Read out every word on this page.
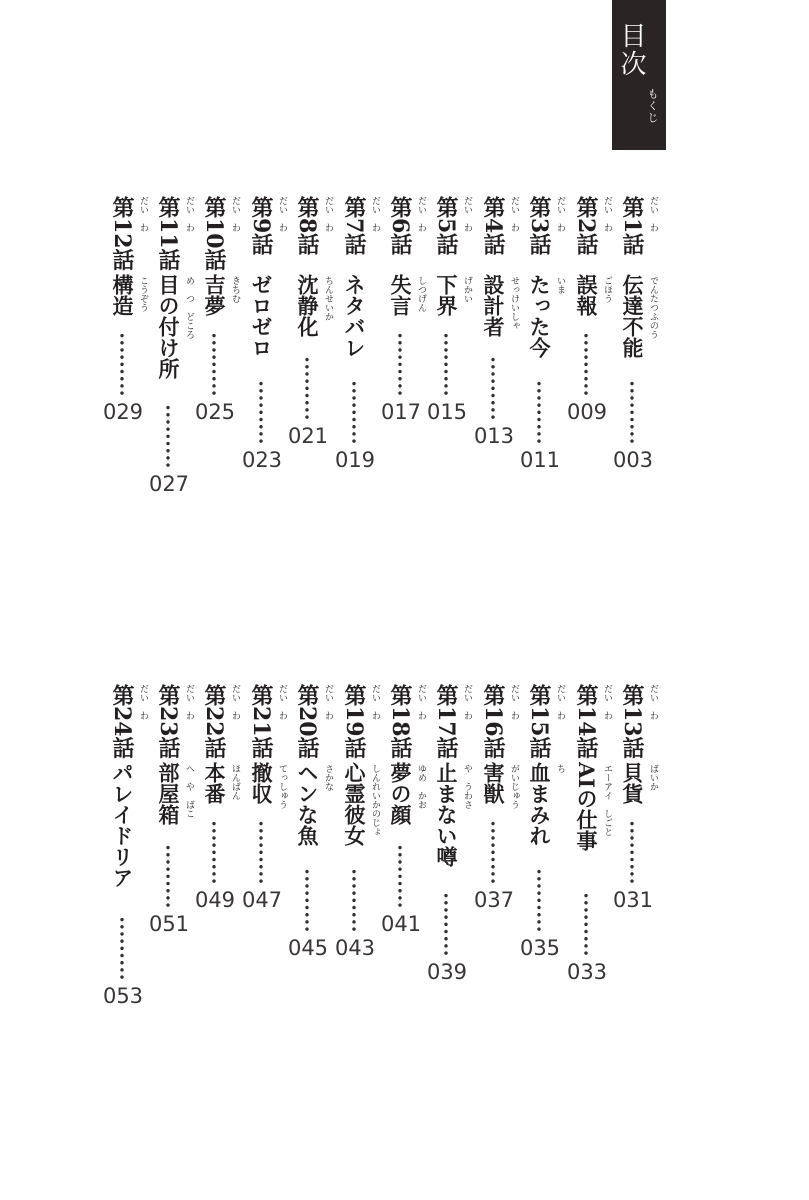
目次
もくじ
第1話 だい　わ
伝達不能 でんたつふのう
003
第2話 だい　わ
誤報 ごほう
009
第3話 だい　わ
たった今 いま
011
第4話 だい　わ
設計者 せっけいしゃ
013
第5話 だい　わ
下界 げかい
015
第6話 だい　わ
失言 しつげん
017
第7話 だい　わ
ネタバレ
019
第8話 だい　わ
沈静化 ちんせいか
021
第9話 だい　わ
ゼロゼロ
023
第10話 だい　わ
吉夢 きちむ
025
第11話 だい　わ
目の付け所 め　つ　どころ
027
第12話 だい　わ
構造 こうぞう
029
第13話 だい　わ
貝貨 ばいか
031
第14話 だい　わ
AIの仕事 エーアイ　しごと
033
第15話 だい　わ
血まみれ ち
035
第16話 だい　わ
害獣 がいじゅう
037
第17話 だい　わ
止まない噂 や　うわさ
039
第18話 だい　わ
夢の顔 ゆめ　かお
041
第19話 だい　わ
心霊彼女 しんれいかのじょ
043
第20話 だい　わ
ヘンな魚 さかな
045
第21話 だい　わ
撤収 てっしゅう
047
第22話 だい　わ
本番 ほんばん
049
第23話 だい　わ
部屋箱 へ　や　ばこ
051
第24話 だい　わ
パレイドリア
053
